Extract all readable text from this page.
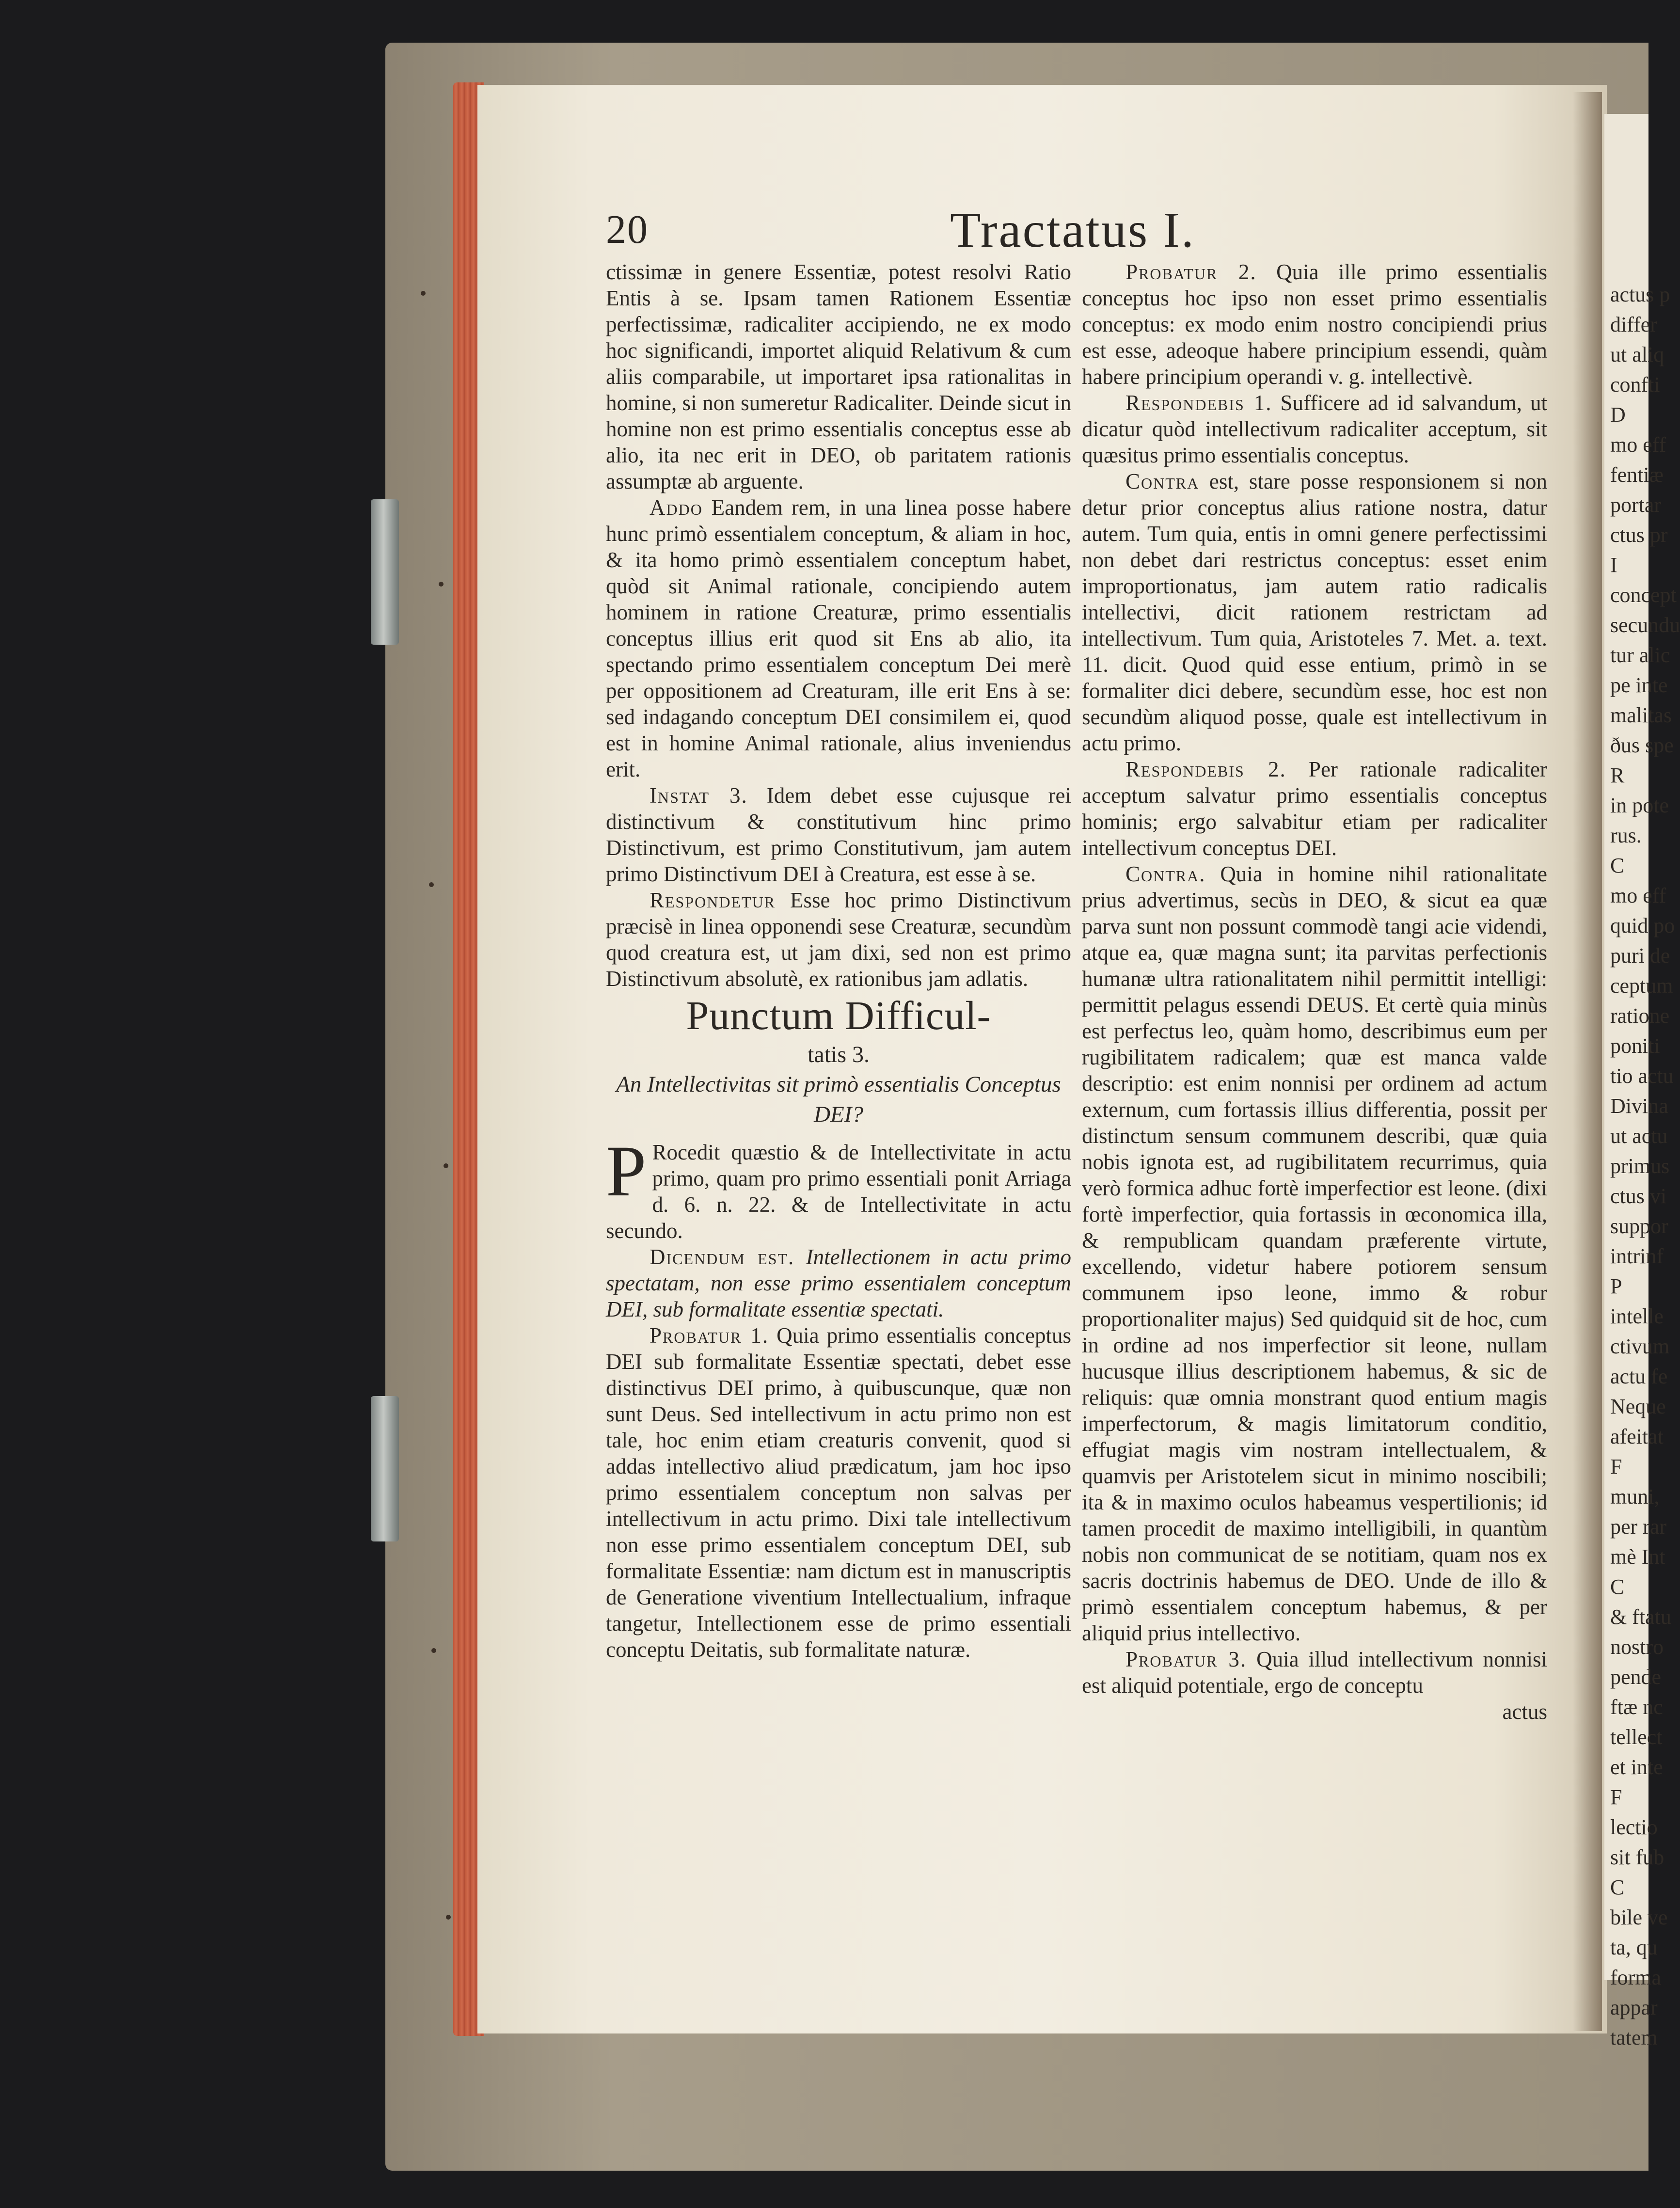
actus p
differ
ut aliq
confti
D
mo eff
fentiæ
portar
ctus pr
I
concept
secundu
tur alic
pe inte
malitas
ðus spe
R
in pote
rus.
C
mo eff
quid po
puri de
ceptum
ratione
poniti
tio actu
Divina
ut actu
primus
ctus vi
suppor
intrinf
P
intelle
ctivum
actu fe
Neque
afeitat
F
muni,
per rar
mè Int
C
& ftatu
nostro
pende
ftæ nc
tellect
et inte
F
lectio
sit fub
C
bile ve
ta, qu
forma
appar
tatem
20	Tractatus I.

ctissimæ in genere Essentiæ, potest resolvi Ratio Entis à se. Ipsam tamen Rationem Essentiæ perfectissimæ, radicaliter accipiendo, ne ex modo hoc significandi, importet aliquid Relativum & cum aliis comparabile, ut importaret ipsa rationalitas in homine, si non sumeretur Radicaliter. Deinde sicut in homine non est primo essentialis conceptus esse ab alio, ita nec erit in DEO, ob paritatem rationis assumptæ ab arguente.

Addo Eandem rem, in una linea posse habere hunc primò essentialem conceptum, & aliam in hoc, & ita homo primò essentialem conceptum habet, quòd sit Animal rationale, concipiendo autem hominem in ratione Creaturæ, primo essentialis conceptus illius erit quod sit Ens ab alio, ita spectando primo essentialem conceptum Dei merè per oppositionem ad Creaturam, ille erit Ens à se: sed indagando conceptum DEI consimilem ei, quod est in homine Animal rationale, alius inveniendus erit.

Instat 3. Idem debet esse cujusque rei distinctivum & constitutivum hinc primo Distinctivum, est primo Constitutivum, jam autem primo Distinctivum DEI à Creatura, est esse à se.

Respondetur Esse hoc primo Distinctivum præcisè in linea opponendi sese Creaturæ, secundùm quod creatura est, ut jam dixi, sed non est primo Distinctivum absolutè, ex rationibus jam adlatis.

Punctum Difficul-

tatis 3.

An Intellectivitas sit primò essentialis Conceptus DEI?

P Rocedit quæstio & de Intellectivitate in actu primo, quam pro primo essentiali ponit Arriaga d. 6. n. 22. & de Intellectivitate in actu secundo.

Dicendum est. Intellectionem in actu primo spectatam, non esse primo essentialem conceptum DEI, sub formalitate essentiæ spectati.

Probatur 1. Quia primo essentialis conceptus DEI sub formalitate Essentiæ spectati, debet esse distinctivus DEI primo, à quibuscunque, quæ non sunt Deus. Sed intellectivum in actu primo non est tale, hoc enim etiam creaturis convenit, quod si addas intellectivo aliud prædicatum, jam hoc ipso primo essentialem conceptum non salvas per intellectivum in actu primo. Dixi tale intellectivum non esse primo essentialem conceptum DEI, sub formalitate Essentiæ: nam dictum est in manuscriptis de Generatione viventium Intellectualium, infraque tangetur, Intellectionem esse de primo essentiali conceptu Deitatis, sub formalitate naturæ.

Probatur 2. Quia ille primo essentialis conceptus hoc ipso non esset primo essentialis conceptus: ex modo enim nostro concipiendi prius est esse, adeoque habere principium essendi, quàm habere principium operandi v. g. intellectivè.

Respondebis 1. Sufficere ad id salvandum, ut dicatur quòd intellectivum radicaliter acceptum, sit quæsitus primo essentialis conceptus.

Contra est, stare posse responsionem si non detur prior conceptus alius ratione nostra, datur autem. Tum quia, entis in omni genere perfectissimi non debet dari restrictus conceptus: esset enim improportionatus, jam autem ratio radicalis intellectivi, dicit rationem restrictam ad intellectivum. Tum quia, Aristoteles 7. Met. a. text. 11. dicit. Quod quid esse entium, primò in se formaliter dici debere, secundùm esse, hoc est non secundùm aliquod posse, quale est intellectivum in actu primo.

Respondebis 2. Per rationale radicaliter acceptum salvatur primo essentialis conceptus hominis; ergo salvabitur etiam per radicaliter intellectivum conceptus DEI.

Contra. Quia in homine nihil rationalitate prius advertimus, secùs in DEO, & sicut ea quæ parva sunt non possunt commodè tangi acie videndi, atque ea, quæ magna sunt; ita parvitas perfectionis humanæ ultra rationalitatem nihil permittit intelligi: permittit pelagus essendi DEUS. Et certè quia minùs est perfectus leo, quàm homo, describimus eum per rugibilitatem radicalem; quæ est manca valde descriptio: est enim nonnisi per ordinem ad actum externum, cum fortassis illius differentia, possit per distinctum sensum communem describi, quæ quia nobis ignota est, ad rugibilitatem recurrimus, quia verò formica adhuc fortè imperfectior est leone. (dixi fortè imperfectior, quia fortassis in œconomica illa, & rempublicam quandam præferente virtute, excellendo, videtur habere potiorem sensum communem ipso leone, immo & robur proportionaliter majus) Sed quidquid sit de hoc, cum in ordine ad nos imperfectior sit leone, nullam hucusque illius descriptionem habemus, & sic de reliquis: quæ omnia monstrant quod entium magis imperfectorum, & magis limitatorum conditio, effugiat magis vim nostram intellectualem, & quamvis per Aristotelem sicut in minimo noscibili; ita & in maximo oculos habeamus vespertilionis; id tamen procedit de maximo intelligibili, in quantùm nobis non communicat de se notitiam, quam nos ex sacris doctrinis habemus de DEO. Unde de illo & primò essentialem conceptum habemus, & per aliquid prius intellectivo.

Probatur 3. Quia illud intellectivum nonnisi est aliquid potentiale, ergo de conceptu

actus
